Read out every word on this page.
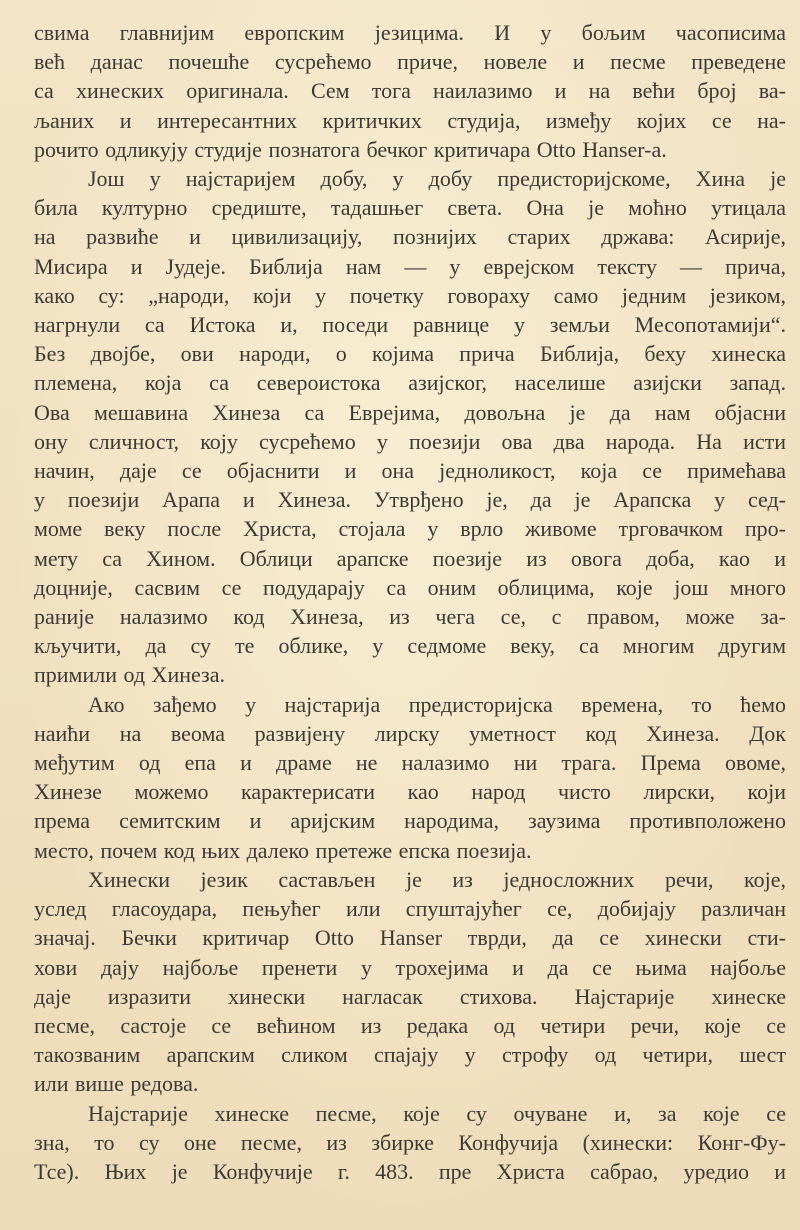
свима главнијим европским језицима. И у бољим часописима
већ данас почешће сусрећемо приче, новеле и песме преведене
са хинеских оригинала. Сем тога наилазимо и на већи број ва-
љаних и интересантних критичких студија, између којих се на-
рочито одликују студије познатога бечког критичара Otto Hanser-a.
Још у најстаријем добу, у добу предисторијскоме, Хина је
била културно средиште, тадашњег света. Она је моћно утицала
на развиће и цивилизацију, познијих старих држава: Асирије,
Мисира и Јудеје. Библија нам — у еврејском тексту — прича,
како су: „народи, који у почетку говораху само једним језиком,
нагрнули са Истока и, поседи равнице у земљи Месопотамији“.
Без двојбе, ови народи, о којима прича Библија, беху хинеска
племена, која са североистока азијског, населише азијски запад.
Ова мешавина Хинеза са Евреjима, довољна је да нам објасни
ону сличност, коју сусрећемо у поезији ова два народа. На исти
начин, даје се објаснити и она једноликост, која се примећава
у поезији Арапа и Хинеза. Утврђено је, да је Арапска у сед-
моме веку после Христа, стојала у врло живоме трговачком про-
мету са Хином. Облици арапске поезије из овога доба, као и
доцније, сасвим се подударају са оним облицима, које још много
раније налазимо код Хинеза, из чега се, с правом, може за-
кључити, да су те облике, у седмоме веку, са многим другим
примили од Хинеза.
Ако зађемо у најстарија предисторијска времена, то ћемо
наићи на веома развијену лирску уметност код Хинеза. Док
међутим од епа и драме не налазимо ни трага. Према овоме,
Хинезе можемо карактерисати као народ чисто лирски, који
према семитским и аријским народима, заузима противположено
место, почем код њих далеко претеже епска поезија.
Хинески језик састављен је из једносложних речи, које,
услед гласоудара, пењућег или спуштајућег се, добијају различан
значај. Бечки критичар Otto Hanser тврди, да се хинески сти-
хови дају најбоље пренети у трохејима и да се њима најбоље
даје изразити хинески нагласак стихова. Најстарије хинеске
песме, састоје се већином из редака од четири речи, које се
такозваним арапским сликом спајају у строфу од четири, шест
или више редова.
Најстарије хинеске песме, које су очуване и, за које се
зна, то су оне песме, из збирке Конфучија (хинески: Конг-Фу-
Тсе). Њих је Конфучије г. 483. пре Христа сабрао, уредио и
